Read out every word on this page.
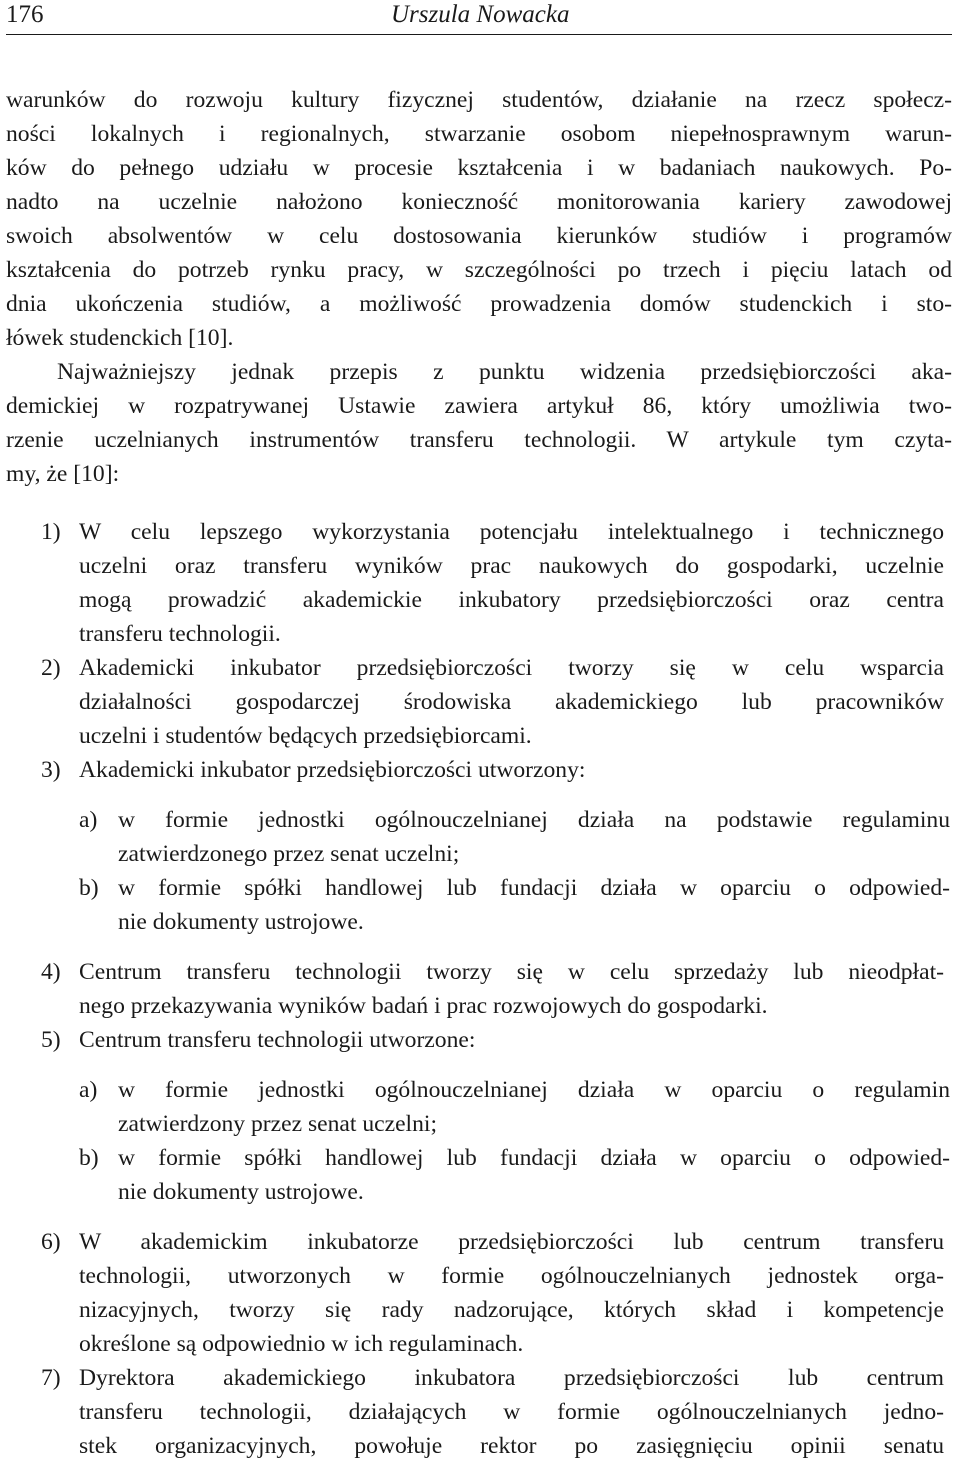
176	Urszula Nowacka

warunków do rozwoju kultury fizycznej studentów, działanie na rzecz społecz-
ności lokalnych i regionalnych, stwarzanie osobom niepełnosprawnym warun-
ków do pełnego udziału w procesie kształcenia i w badaniach naukowych. Po-
nadto na uczelnie nałożono konieczność monitorowania kariery zawodowej
swoich absolwentów w celu dostosowania kierunków studiów i programów
kształcenia do potrzeb rynku pracy, w szczególności po trzech i pięciu latach od
dnia ukończenia studiów, a możliwość prowadzenia domów studenckich i sto-
łówek studenckich [10].

Najważniejszy jednak przepis z punktu widzenia przedsiębiorczości aka-
demickiej w rozpatrywanej Ustawie zawiera artykuł 86, który umożliwia two-
rzenie uczelnianych instrumentów transferu technologii. W artykule tym czyta-
my, że [10]:

1) W celu lepszego wykorzystania potencjału intelektualnego i technicznego
uczelni oraz transferu wyników prac naukowych do gospodarki, uczelnie
mogą prowadzić akademickie inkubatory przedsiębiorczości oraz centra
transferu technologii.
2) Akademicki inkubator przedsiębiorczości tworzy się w celu wsparcia
działalności gospodarczej środowiska akademickiego lub pracowników
uczelni i studentów będących przedsiębiorcami.
3) Akademicki inkubator przedsiębiorczości utworzony:
a) w formie jednostki ogólnouczelnianej działa na podstawie regulaminu
zatwierdzonego przez senat uczelni;
b) w formie spółki handlowej lub fundacji działa w oparciu o odpowied-
nie dokumenty ustrojowe.
4) Centrum transferu technologii tworzy się w celu sprzedaży lub nieodpłat-
nego przekazywania wyników badań i prac rozwojowych do gospodarki.
5) Centrum transferu technologii utworzone:
a) w formie jednostki ogólnouczelnianej działa w oparciu o regulamin
zatwierdzony przez senat uczelni;
b) w formie spółki handlowej lub fundacji działa w oparciu o odpowied-
nie dokumenty ustrojowe.
6) W akademickim inkubatorze przedsiębiorczości lub centrum transferu
technologii, utworzonych w formie ogólnouczelnianych jednostek orga-
nizacyjnych, tworzy się rady nadzorujące, których skład i kompetencje
określone są odpowiednio w ich regulaminach.
7) Dyrektora akademickiego inkubatora przedsiębiorczości lub centrum
transferu technologii, działających w formie ogólnouczelnianych jedno-
stek organizacyjnych, powołuje rektor po zasięgnięciu opinii senatu
